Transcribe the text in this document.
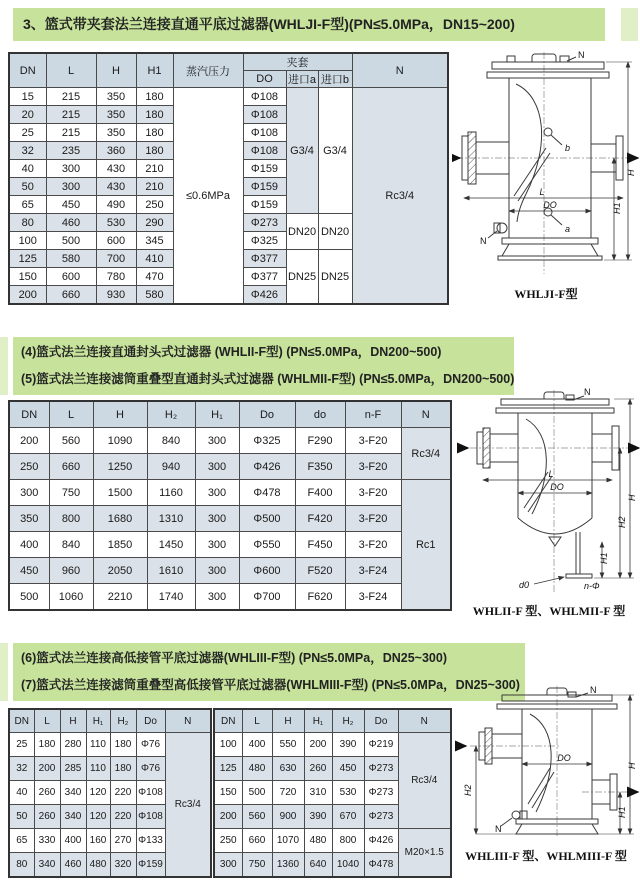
3、篮式带夹套法兰连接直通平底过滤器(WHLJI-F型)(PN≤5.0MPa，DN15~200)
DN	L	H	H1	蒸汽压力	夹套			N
					DO	进口a	进口b	
15	215	350	180	≤0.6MPa	Φ108	G3/4	G3/4	Rc3/4
20	215	350	180		Φ108			
25	215	350	180		Φ108			
32	235	360	180		Φ108			
40	300	430	210		Φ159			
50	300	430	210		Φ159			
65	450	490	250		Φ159			
80	460	530	290		Φ273	DN20	DN20	
100	500	600	345		Φ325			
125	580	700	410		Φ377	DN25	DN25	
150	600	780	470		Φ377			
200	660	930	580		Φ426			
N
N
b
a
L
DO	H1
H
WHLJI-F型
(4)篮式法兰连接直通封头式过滤器 (WHLII-F型) (PN≤5.0MPa，DN200~500)
(5)篮式法兰连接滤筒重叠型直通封头式过滤器 (WHLMII-F型) (PN≤5.0MPa，DN200~500)
DN	L	H	H₂	H₁	Do	do	n-F	N
200	560	1090	840	300	Φ325	F290	3-F20	Rc3/4
250	660	1250	940	300	Φ426	F350	3-F20	
300	750	1500	1160	300	Φ478	F400	3-F20	Rc1
350	800	1680	1310	300	Φ500	F420	3-F20	
400	840	1850	1450	300	Φ550	F450	3-F20	
450	960	2050	1610	300	Φ600	F520	3-F24	
500	1060	2210	1740	300	Φ700	F620	3-F24	
N
L
DO
H
H2
H1
d0	n-Φ
WHLII-F 型、WHLMII-F 型
(6)篮式法兰连接高低接管平底过滤器(WHLIII-F型) (PN≤5.0MPa，DN25~300)
(7)篮式法兰连接滤筒重叠型高低接管平底过滤器(WHLMIII-F型) (PN≤5.0MPa，DN25~300)
DN	L	H	H₁	H₂	Do	N
25	180	280	110	180	Φ76	Rc3/4
32	200	285	110	180	Φ76	
40	260	340	120	220	Φ108	
50	260	340	120	220	Φ108	
65	330	400	160	270	Φ133	
80	340	460	480	320	Φ159	
DN	L	H	H₁	H₂	Do	N
100	400	550	200	390	Φ219	Rc3/4
125	480	630	260	450	Φ273	
150	500	720	310	530	Φ273	
200	560	900	390	670	Φ273	
250	660	1070	480	800	Φ426	M20×1.5
300	750	1360	640	1040	Φ478	
N
N
DO
H2
H
H1
WHLIII-F 型、WHLMIII-F 型
